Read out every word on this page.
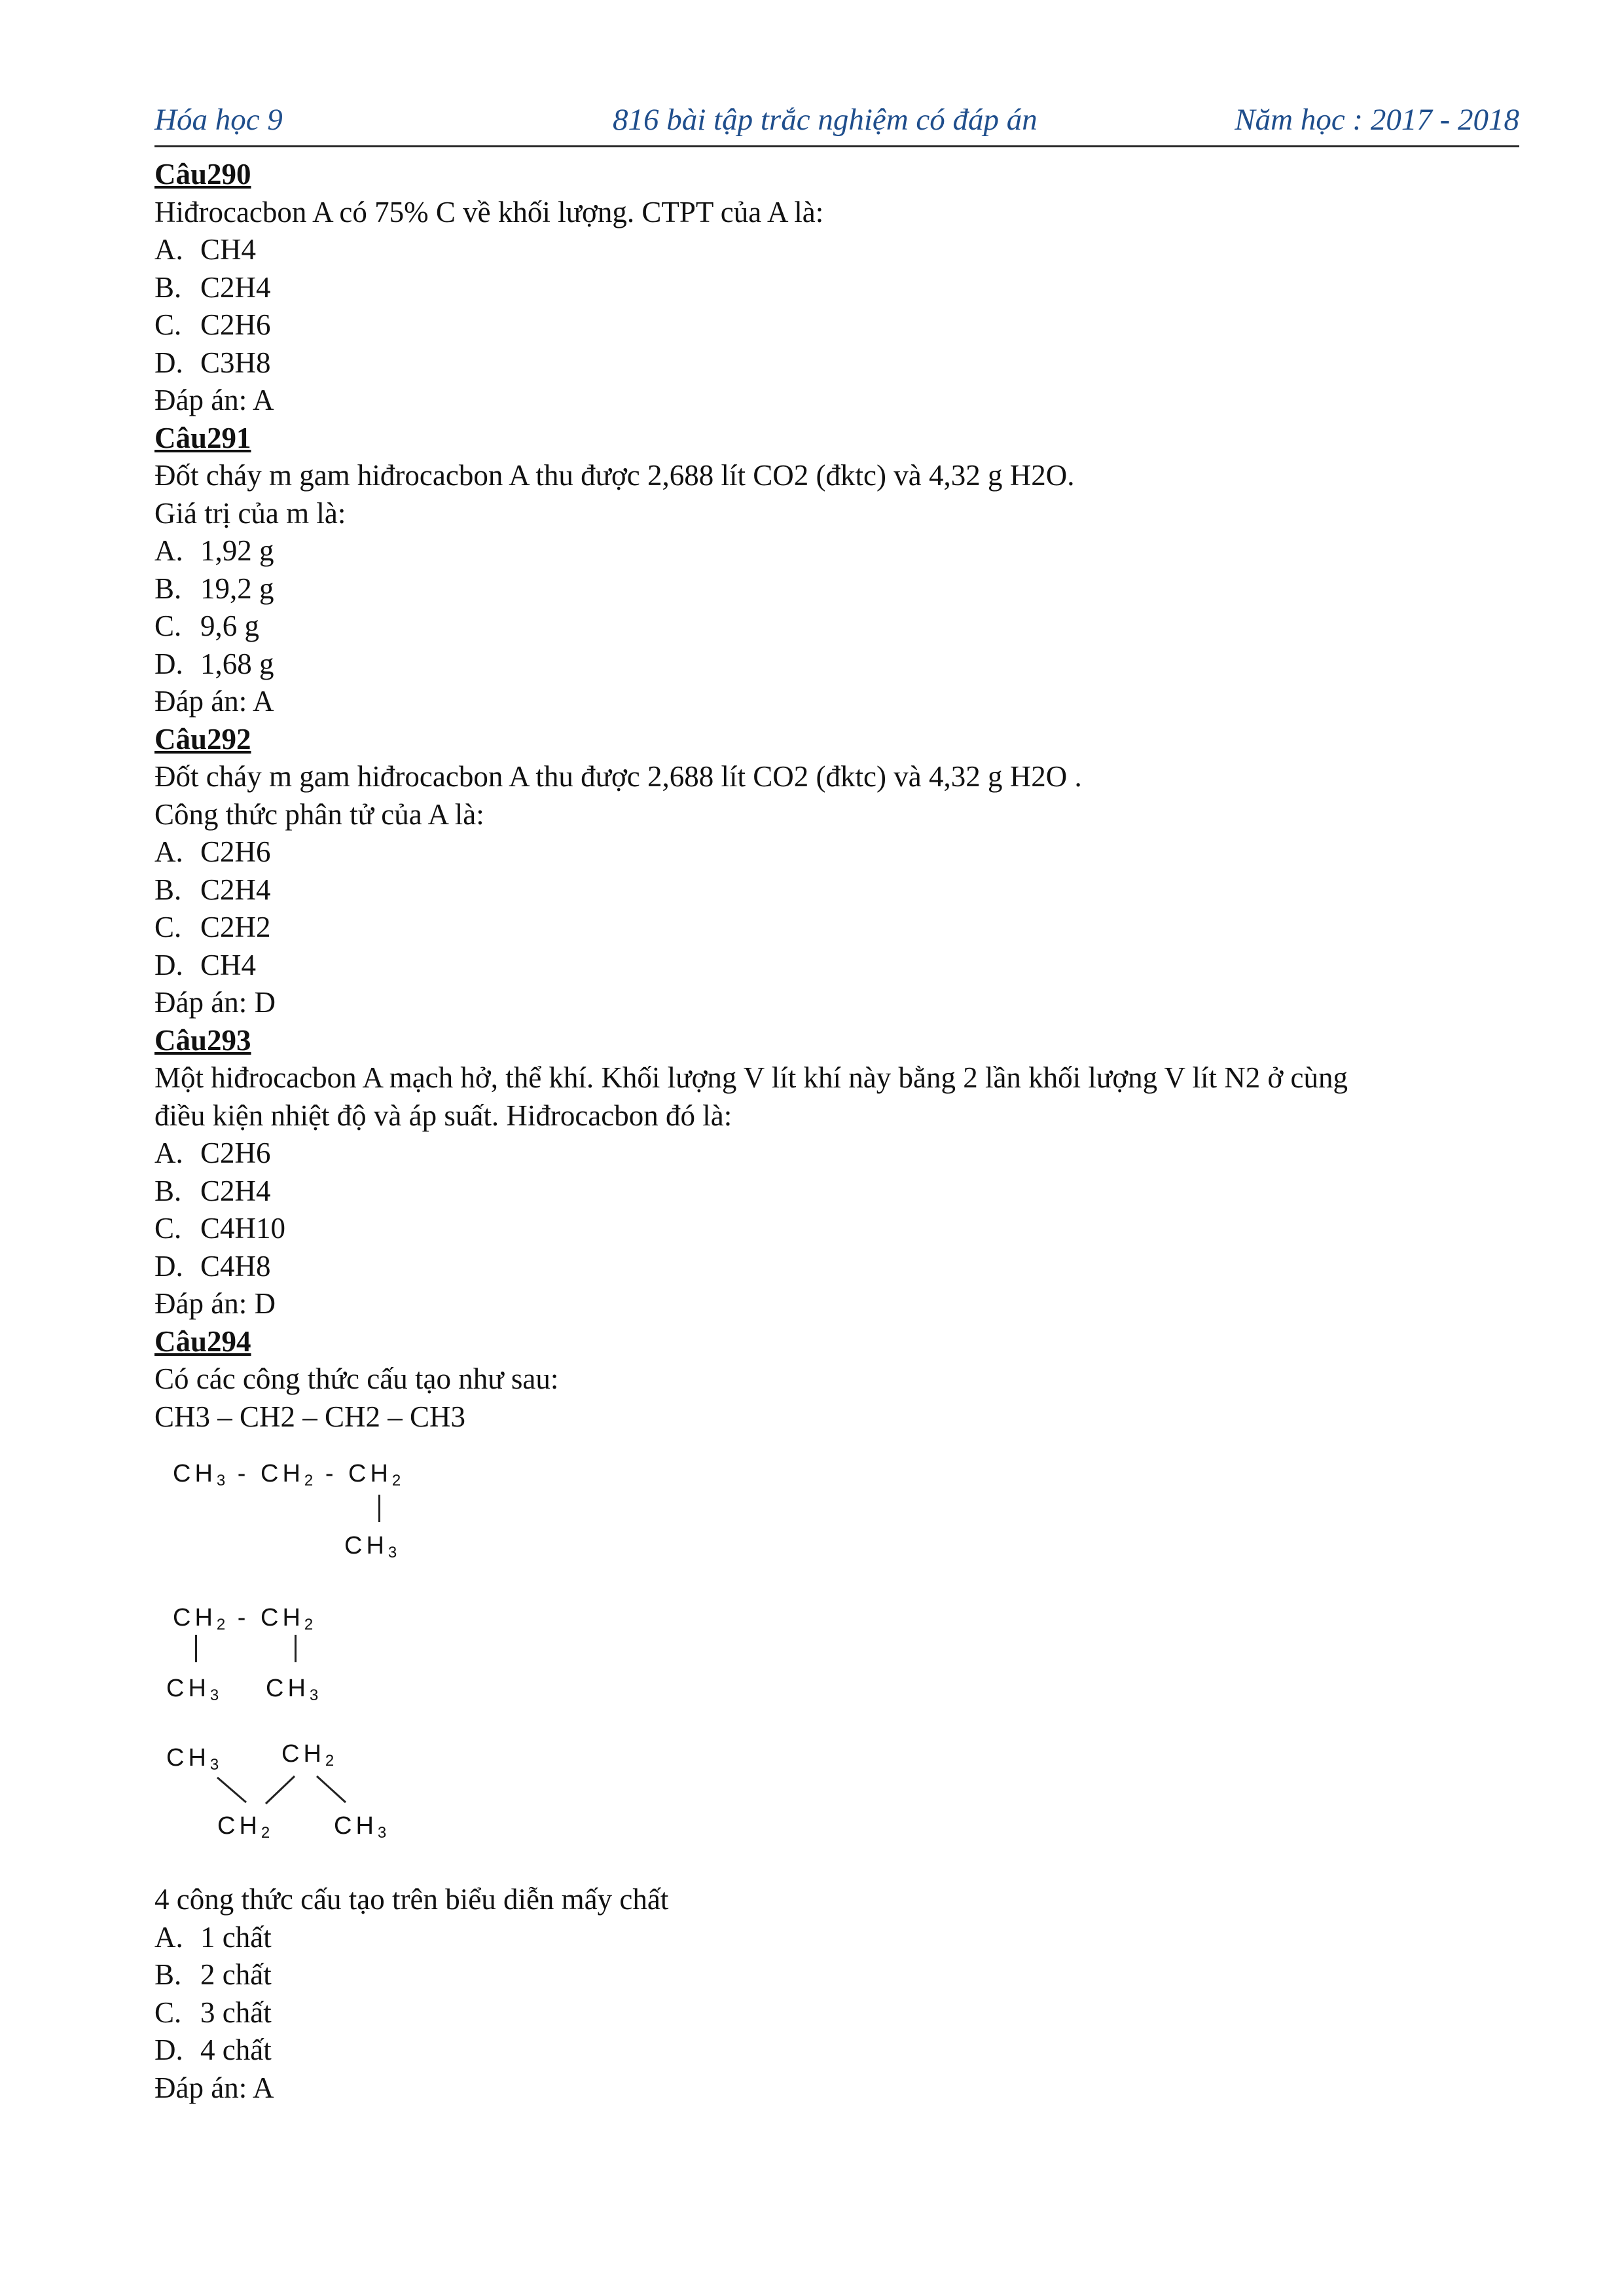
Hóa học 9	816 bài tập trắc nghiệm có đáp án	Năm học : 2017 - 2018
Câu290
Hiđrocacbon A có 75% C về khối lượng. CTPT của A là:
A. CH4
B. C2H4
C. C2H6
D. C3H8
Đáp án: A
Câu291
Đốt cháy m gam hiđrocacbon A thu được 2,688 lít CO2 (đktc) và 4,32 g H2O.
Giá trị của m là:
A. 1,92 g
B. 19,2 g
C. 9,6 g
D. 1,68 g
Đáp án: A
Câu292
Đốt cháy m gam hiđrocacbon A thu được 2,688 lít CO2 (đktc) và 4,32 g H2O .
Công thức phân tử của A là:
A. C2H6
B. C2H4
C. C2H2
D. CH4
Đáp án: D
Câu293
Một hiđrocacbon A mạch hở, thể khí. Khối lượng V lít khí này bằng 2 lần khối lượng V lít N2 ở cùng
điều kiện nhiệt độ và áp suất. Hiđrocacbon đó là:
A. C2H6
B. C2H4
C. C4H10
D. C4H8
Đáp án: D
Câu294
Có các công thức cấu tạo như sau:
CH3 – CH2 – CH2 – CH3
$CH_3 - CH_2 - CH_2$
$CH_3$
$CH_2 - CH_2$
$CH_3$ $CH_3$
$CH_3$ $CH_2$
$CH_2$	$CH_3$
4 công thức cấu tạo trên biểu diễn mấy chất
A. 1 chất
B. 2 chất
C. 3 chất
D. 4 chất
Đáp án: A
